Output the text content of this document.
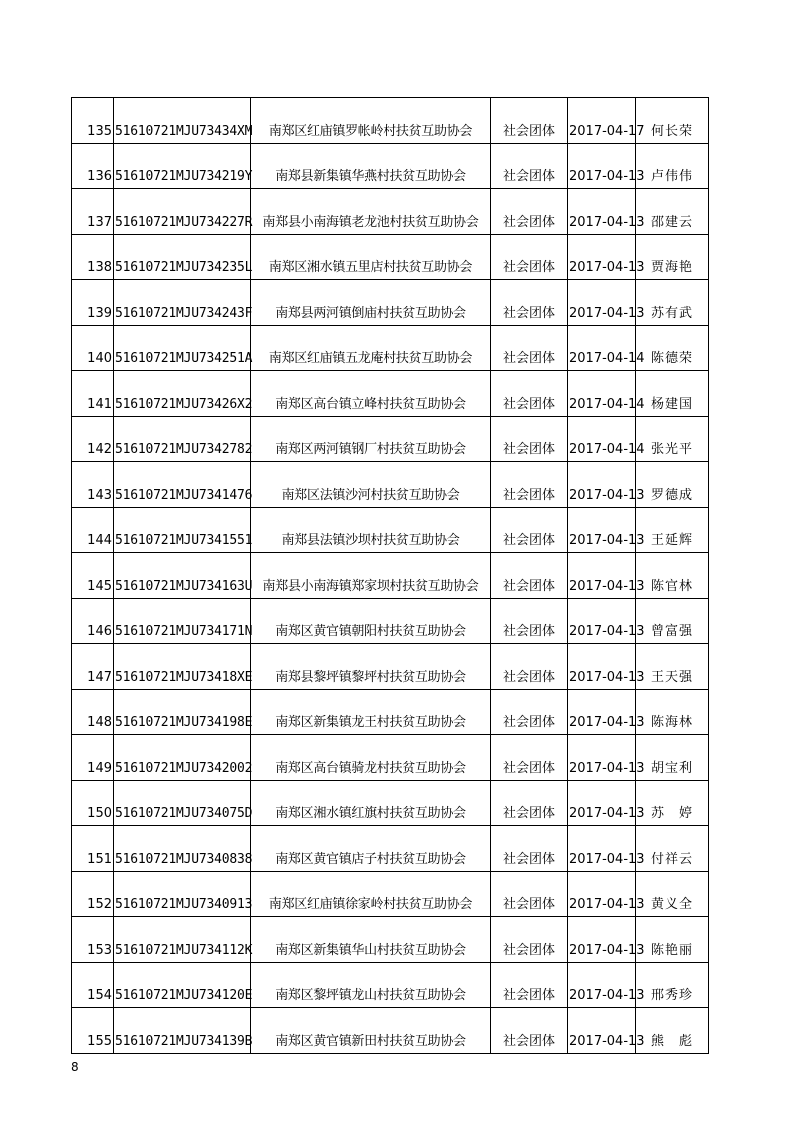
135	51610721MJU73434XM	南郑区红庙镇罗帐岭村扶贫互助协会	社会团体	2017-04-17	何长荣
136	51610721MJU734219Y	南郑县新集镇华燕村扶贫互助协会	社会团体	2017-04-13	卢伟伟
137	51610721MJU734227R	南郑县小南海镇老龙池村扶贫互助协会	社会团体	2017-04-13	邵建云
138	51610721MJU734235L	南郑区湘水镇五里店村扶贫互助协会	社会团体	2017-04-13	贾海艳
139	51610721MJU734243F	南郑县两河镇倒庙村扶贫互助协会	社会团体	2017-04-13	苏有武
140	51610721MJU734251A	南郑区红庙镇五龙庵村扶贫互助协会	社会团体	2017-04-14	陈德荣
141	51610721MJU73426X2	南郑区高台镇立峰村扶贫互助协会	社会团体	2017-04-14	杨建国
142	51610721MJU7342782	南郑区两河镇钢厂村扶贫互助协会	社会团体	2017-04-14	张光平
143	51610721MJU7341476	南郑区法镇沙河村扶贫互助协会	社会团体	2017-04-13	罗德成
144	51610721MJU7341551	南郑县法镇沙坝村扶贫互助协会	社会团体	2017-04-13	王延辉
145	51610721MJU734163U	南郑县小南海镇郑家坝村扶贫互助协会	社会团体	2017-04-13	陈官林
146	51610721MJU734171N	南郑区黄官镇朝阳村扶贫互助协会	社会团体	2017-04-13	曾富强
147	51610721MJU73418XE	南郑县黎坪镇黎坪村扶贫互助协会	社会团体	2017-04-13	王天强
148	51610721MJU734198E	南郑区新集镇龙王村扶贫互助协会	社会团体	2017-04-13	陈海林
149	51610721MJU7342002	南郑区高台镇骑龙村扶贫互助协会	社会团体	2017-04-13	胡宝利
150	51610721MJU734075D	南郑区湘水镇红旗村扶贫互助协会	社会团体	2017-04-13	苏　婷
151	51610721MJU7340838	南郑区黄官镇店子村扶贫互助协会	社会团体	2017-04-13	付祥云
152	51610721MJU7340913	南郑区红庙镇徐家岭村扶贫互助协会	社会团体	2017-04-13	黄义全
153	51610721MJU734112K	南郑区新集镇华山村扶贫互助协会	社会团体	2017-04-13	陈艳丽
154	51610721MJU734120E	南郑区黎坪镇龙山村扶贫互助协会	社会团体	2017-04-13	邢秀珍
155	51610721MJU734139B	南郑区黄官镇新田村扶贫互助协会	社会团体	2017-04-13	熊　彪
8
